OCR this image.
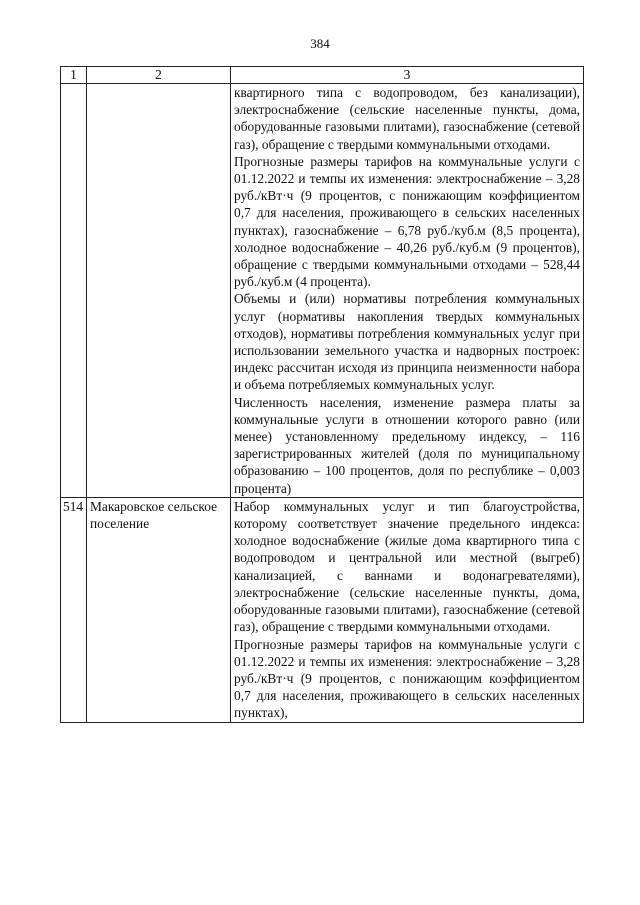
384
1	2	3

		квартирного типа с водопроводом, без канализации), электроснабжение (сельские населенные пункты, дома, оборудованные газовыми плитами), газоснабжение (сетевой газ), обращение с твердыми коммунальными отходами.

Прогнозные размеры тарифов на коммунальные услуги с 01.12.2022 и темпы их изменения: электроснабжение – 3,28 руб./кВт·ч (9 процентов, с понижающим коэффициентом 0,7 для населения, проживающего в сельских населенных пунктах), газоснабжение – 6,78 руб./куб.м (8,5 процента), холодное водоснабжение – 40,26 руб./куб.м (9 процентов), обращение с твердыми коммунальными отходами – 528,44 руб./куб.м (4 процента).

Объемы и (или) нормативы потребления коммунальных услуг (нормативы накопления твердых коммунальных отходов), нормативы потребления коммунальных услуг при использовании земельного участка и надворных построек: индекс рассчитан исходя из принципа неизменности набора и объема потребляемых коммунальных услуг.

Численность населения, изменение размера платы за коммунальные услуги в отношении которого равно (или менее) установленному предельному индексу, – 116 зарегистрированных жителей (доля по муниципальному образованию – 100 процентов, доля по республике – 0,003 процента)

514	Макаровское сельское поселение	Набор коммунальных услуг и тип благоустройства, которому соответствует значение предельного индекса: холодное водоснабжение (жилые дома квартирного типа с водопроводом и центральной или местной (выгреб) канализацией, с ваннами и водонагревателями), электроснабжение (сельские населенные пункты, дома, оборудованные газовыми плитами), газоснабжение (сетевой газ), обращение с твердыми коммунальными отходами.

Прогнозные размеры тарифов на коммунальные услуги с 01.12.2022 и темпы их изменения: электроснабжение – 3,28 руб./кВт·ч (9 процентов, с понижающим коэффициентом 0,7 для населения, проживающего в сельских населенных пунктах),
